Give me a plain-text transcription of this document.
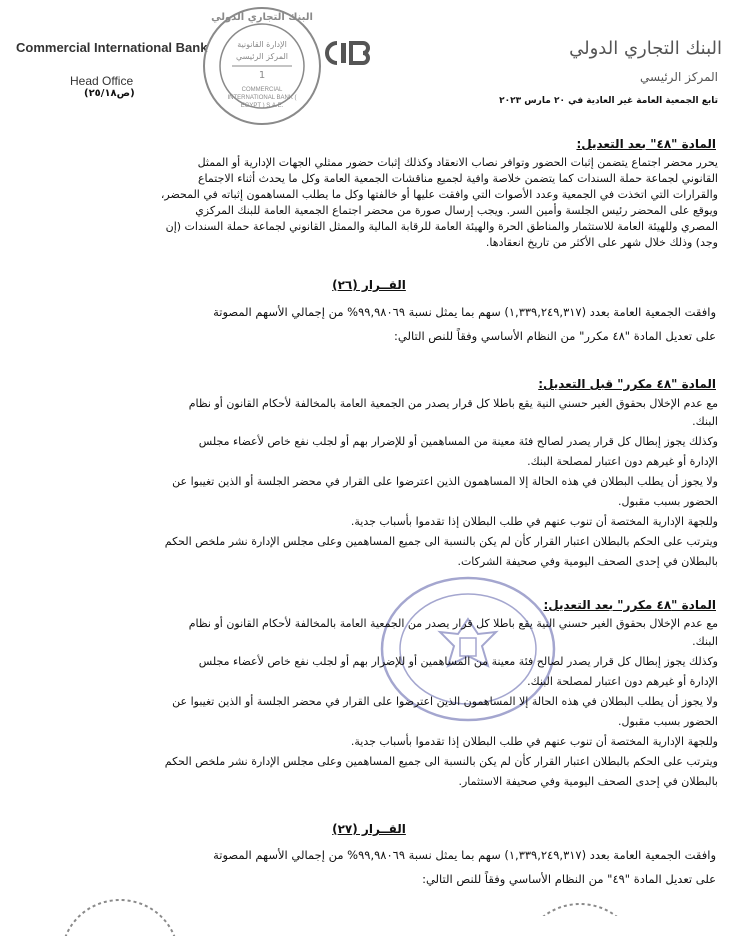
Commercial International Bank
Head Office
(ص٢٥/١٨)
البنك التجاري الدولي
المركز الرئيسي
تابع الجمعية العامة غير العادية في ٢٠ مارس ٢٠٢٣
البنك التجاري الدولي
الإدارة القانونية
المركز الرئيسي
1
COMMERCIAL INTERNATIONAL BANK ( EGYPT ) S.A.E.
المادة "٤٨" بعد التعديل:
يحرر محضر اجتماع يتضمن إثبات الحضور وتوافر نصاب الانعقاد وكذلك إثبات حضور ممثلي الجهات الإدارية أو الممثل
القانوني لجماعة حملة السندات كما يتضمن خلاصة وافية لجميع مناقشات الجمعية العامة وكل ما يحدث أثناء الاجتماع
والقرارات التي اتخذت في الجمعية وعدد الأصوات التي وافقت عليها أو خالفتها وكل ما يطلب المساهمون إثباته في المحضر،
ويوقع على المحضر رئيس الجلسة وأمين السر. ويجب إرسال صورة من محضر اجتماع الجمعية العامة للبنك المركزي
المصري وللهيئة العامة للاستثمار والمناطق الحرة والهيئة العامة للرقابة المالية والممثل القانوني لجماعة حملة السندات (إن
وجد) وذلك خلال شهر على الأكثر من تاريخ انعقادها.
القــرار (٢٦)
وافقت الجمعية العامة بعدد (١,٣٣٩,٢٤٩,٣١٧) سهم بما يمثل نسبة ٩٩,٩٨٠٦٩% من إجمالي الأسهم المصوتة
على تعديل المادة "٤٨ مكرر" من النظام الأساسي وفقاً للنص التالي:
المادة "٤٨ مكرر" قبل التعديل:
مع عدم الإخلال بحقوق الغير حسني النية يقع باطلا كل قرار يصدر من الجمعية العامة بالمخالفة لأحكام القانون أو نظام
البنك.
وكذلك يجوز إبطال كل قرار يصدر لصالح فئة معينة من المساهمين أو للإضرار بهم أو لجلب نفع خاص لأعضاء مجلس
الإدارة أو غيرهم دون اعتبار لمصلحة البنك.
ولا يجوز أن يطلب البطلان في هذه الحالة إلا المساهمون الذين اعترضوا على القرار في محضر الجلسة أو الذين تغيبوا عن
الحضور بسبب مقبول.
وللجهة الإدارية المختصة أن تنوب عنهم في طلب البطلان إذا تقدموا بأسباب جدية.
ويترتب على الحكم بالبطلان اعتبار القرار كأن لم يكن بالنسبة الى جميع المساهمين وعلى مجلس الإدارة نشر ملخص الحكم
بالبطلان في إحدى الصحف اليومية وفي صحيفة الشركات.
المادة "٤٨ مكرر" بعد التعديل:
مع عدم الإخلال بحقوق الغير حسني النية يقع باطلا كل قرار يصدر من الجمعية العامة بالمخالفة لأحكام القانون أو نظام
البنك.
وكذلك يجوز إبطال كل قرار يصدر لصالح فئة معينة من المساهمين أو للإضرار بهم أو لجلب نفع خاص لأعضاء مجلس
الإدارة أو غيرهم دون اعتبار لمصلحة البنك.
ولا يجوز أن يطلب البطلان في هذه الحالة إلا المساهمون الذين اعترضوا على القرار في محضر الجلسة أو الذين تغيبوا عن
الحضور بسبب مقبول.
وللجهة الإدارية المختصة أن تنوب عنهم في طلب البطلان إذا تقدموا بأسباب جدية.
ويترتب على الحكم بالبطلان اعتبار القرار كأن لم يكن بالنسبة الى جميع المساهمين وعلى مجلس الإدارة نشر ملخص الحكم
بالبطلان في إحدى الصحف اليومية وفي صحيفة الاستثمار.
القــرار (٢٧)
وافقت الجمعية العامة بعدد (١,٣٣٩,٢٤٩,٣١٧) سهم بما يمثل نسبة ٩٩,٩٨٠٦٩% من إجمالي الأسهم المصوتة
على تعديل المادة "٤٩" من النظام الأساسي وفقاً للنص التالي:
